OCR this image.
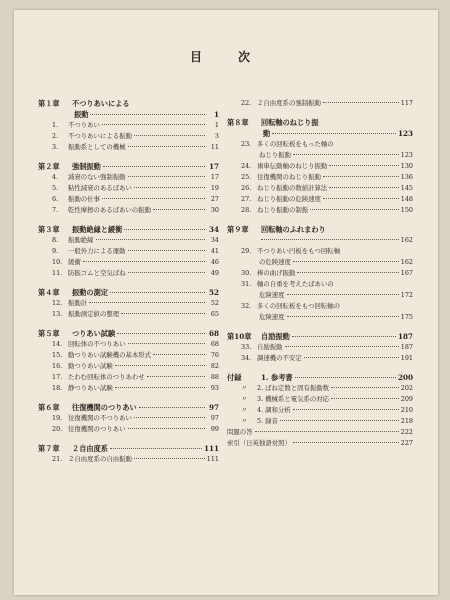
目　次
第１章	不つりあいによる
振動	1
1.	不つりあい	1
2.	不つりあいによる振動	3
3.	振動系としての機械	11
第２章	強制振動	17
4.	減衰のない強制振動	17
5.	粘性減衰のあるばあい	19
6.	振動の仕事	27
7.	乾性摩擦のあるばあいの振動	30
第３章	振動絶縁と緩衝	34
8.	振動絶縁	34
9.	一般外力による運動	41
10. 緩衝	46
11. 防振ゴムと空気ばね	49
第４章	振動の測定	52
12. 振動計	52
13. 振動測定値の整理	65
第５章	つりあい試験	68
14. 回転体の不つりあい	68
15. 動つりあい試験機の基本形式	76
16. 動つりあい試験	82
17. たわむ回転体のつりあわせ	88
18. 静つりあい試験	93
第６章	往復機関のつりあい	97
19. 往復機関の不つりあい	97
20. 往復機関のつりあい	99
第７章	２自由度系	111
21. ２自由度系の自由振動	111
22. ２自由度系の強制振動	117
第８章	回転軸のねじり振
動	123
23. 多くの回転板をもった軸の
ねじり振動	123
24. 歯車伝動軸のねじり振動	130
25. 往復機関のねじり振動	136
26. ねじり振動の数値計算法	145
27. ねじり振動の危険速度	148
28. ねじり振動の制振	150
第９章	回転軸のふれまわり
162
29. 不つりあい円板をもつ回転軸
の危険速度	162
30. 棒の曲げ振動	167
31. 軸の自重を考えたばあいの
危険速度	172
32. 多くの回転板をもつ回転軸の
危険速度	175
第10章	自励振動	187
33. 自励振動	187
34. 調速機の不安定	191
付録	1. 参考書	200
〃	2. ばね定数と固有振動数	202
〃	3. 機械系と電気系の対応	209
〃	4. 調和分析	210
〃	5. 録音	218
問題の答	222
索引（日英独語対照）	227
